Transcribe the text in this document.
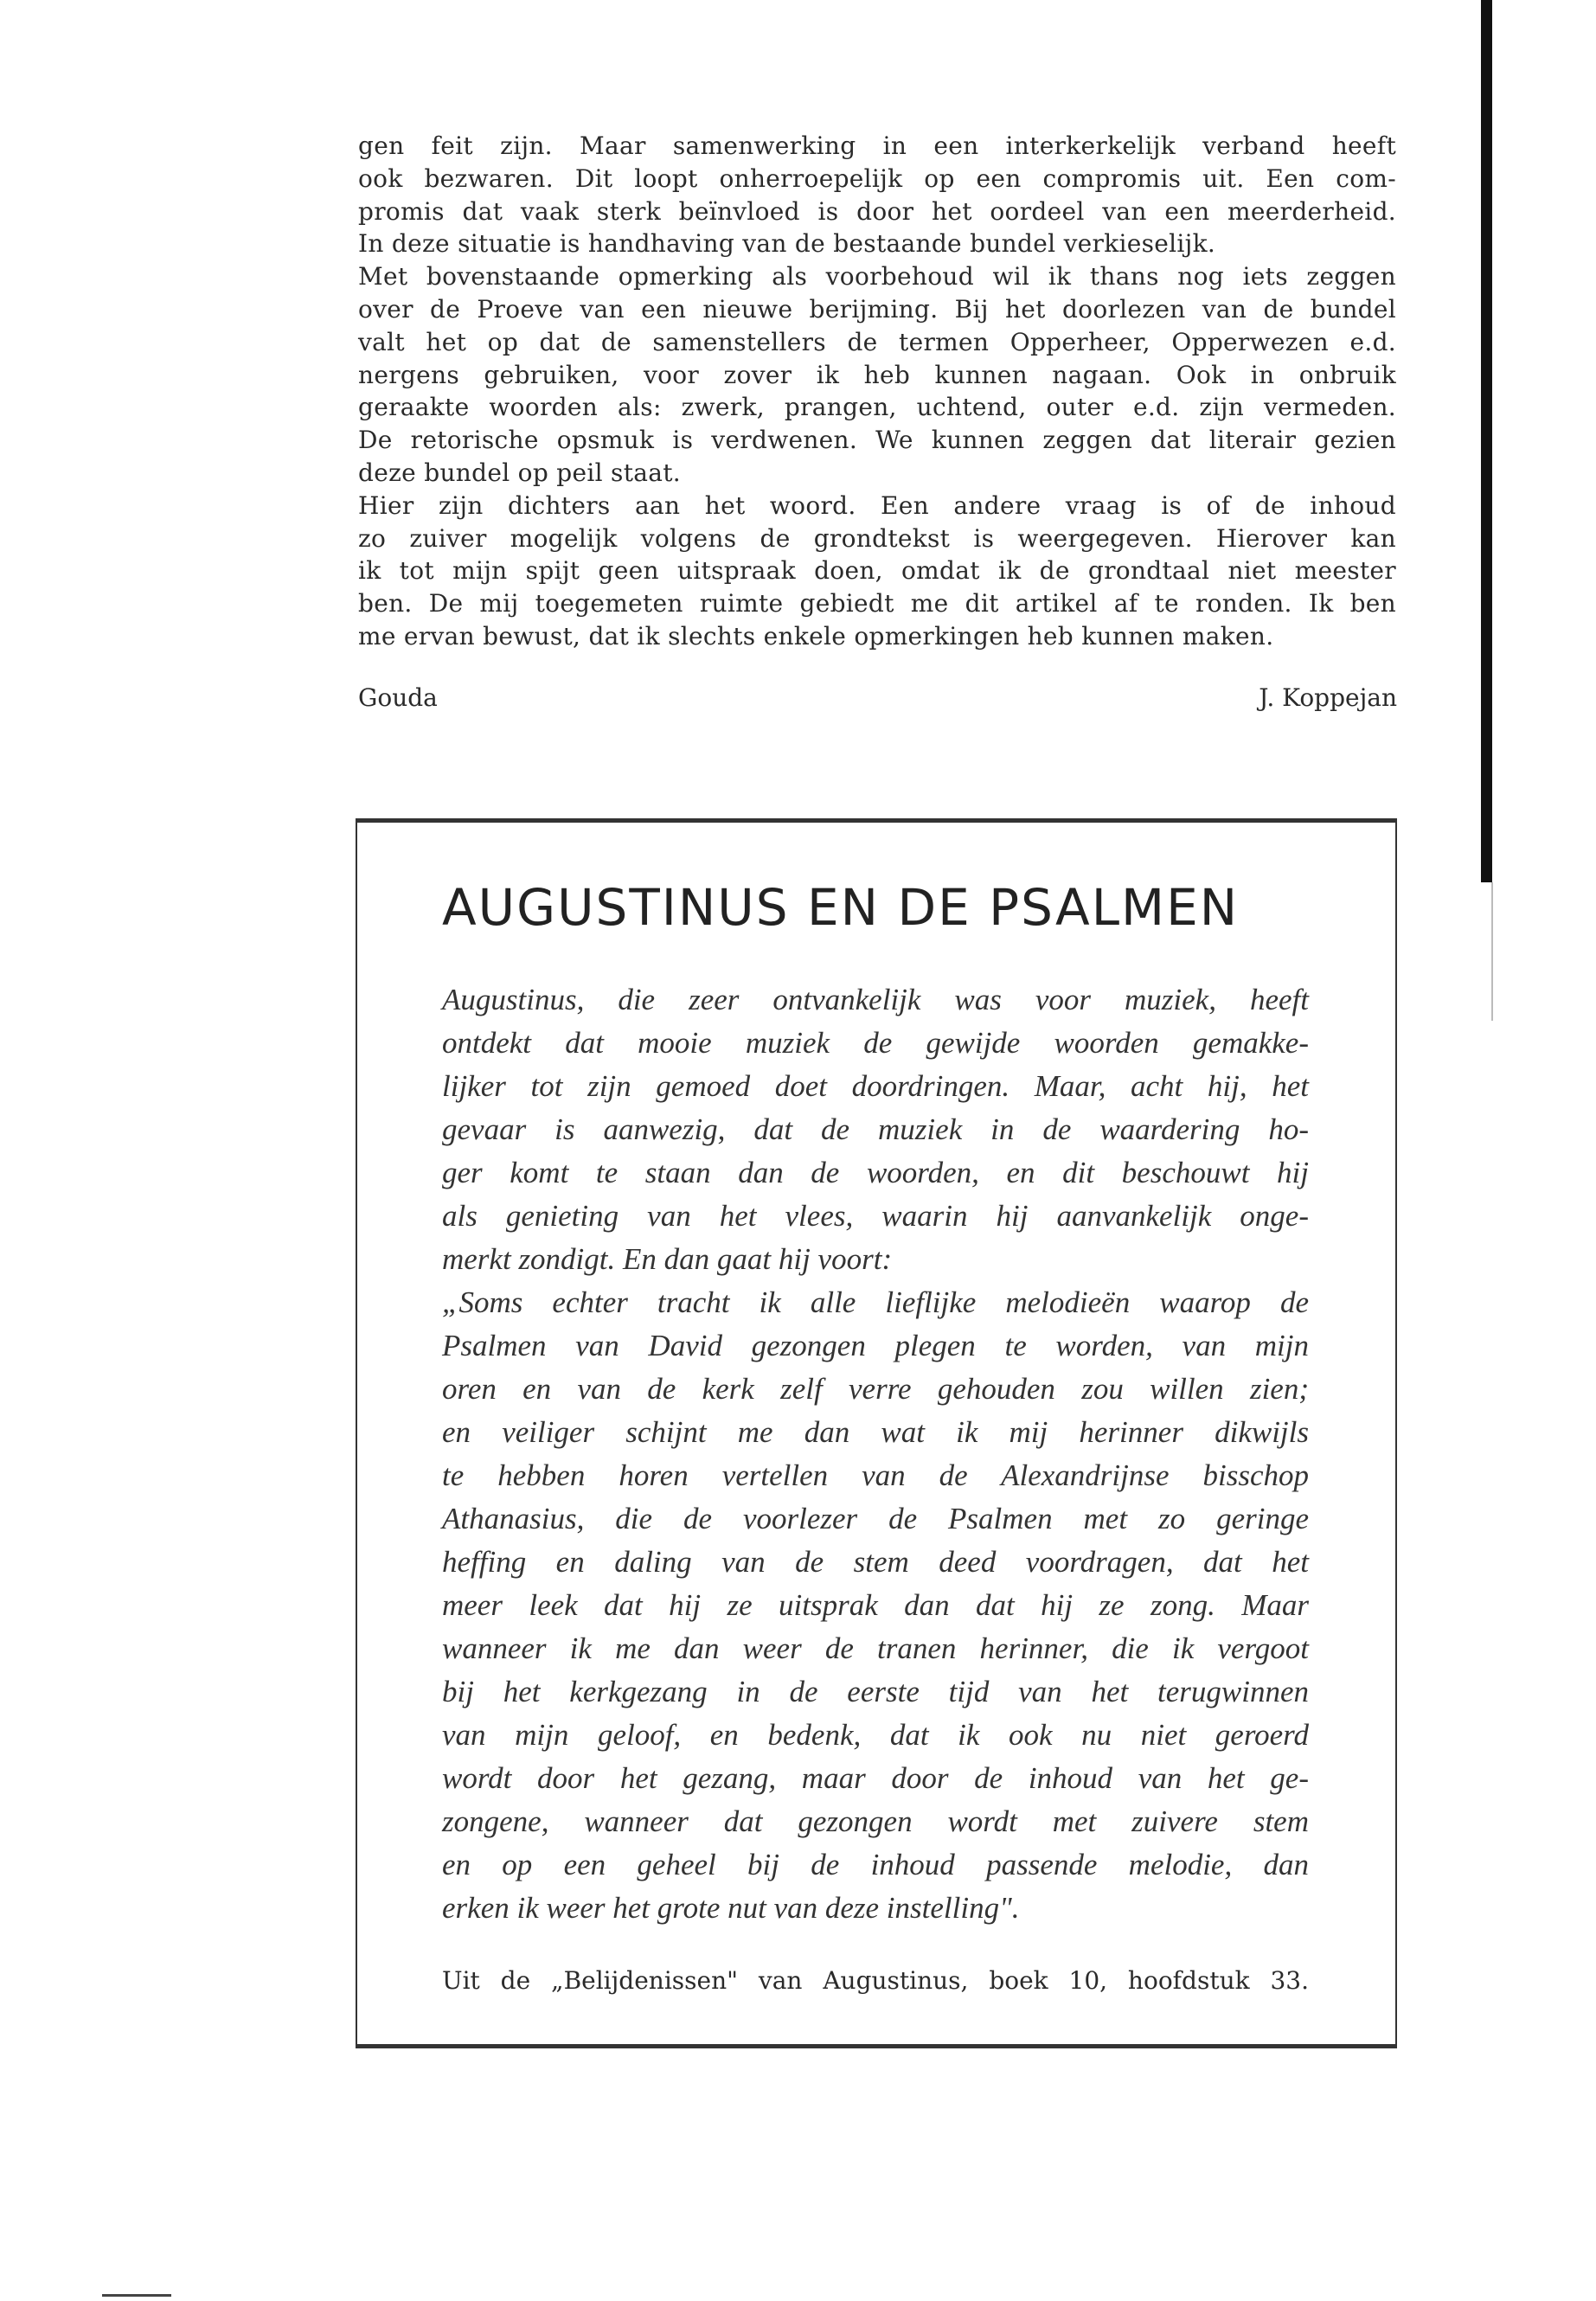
gen feit zijn. Maar samenwerking in een interkerkelijk verband heeft
ook bezwaren. Dit loopt onherroepelijk op een compromis uit. Een com-
promis dat vaak sterk beïnvloed is door het oordeel van een meerderheid.
In deze situatie is handhaving van de bestaande bundel verkieselijk.
Met bovenstaande opmerking als voorbehoud wil ik thans nog iets zeggen
over de Proeve van een nieuwe berijming. Bij het doorlezen van de bundel
valt het op dat de samenstellers de termen Opperheer, Opperwezen e.d.
nergens gebruiken, voor zover ik heb kunnen nagaan. Ook in onbruik
geraakte woorden als: zwerk, prangen, uchtend, outer e.d. zijn vermeden.
De retorische opsmuk is verdwenen. We kunnen zeggen dat literair gezien
deze bundel op peil staat.
Hier zijn dichters aan het woord. Een andere vraag is of de inhoud
zo zuiver mogelijk volgens de grondtekst is weergegeven. Hierover kan
ik tot mijn spijt geen uitspraak doen, omdat ik de grondtaal niet meester
ben. De mij toegemeten ruimte gebiedt me dit artikel af te ronden. Ik ben
me ervan bewust, dat ik slechts enkele opmerkingen heb kunnen maken.
Gouda	J. Koppejan
AUGUSTINUS EN DE PSALMEN
Augustinus, die zeer ontvankelijk was voor muziek, heeft
ontdekt dat mooie muziek de gewijde woorden gemakke-
lijker tot zijn gemoed doet doordringen. Maar, acht hij, het
gevaar is aanwezig, dat de muziek in de waardering ho-
ger komt te staan dan de woorden, en dit beschouwt hij
als genieting van het vlees, waarin hij aanvankelijk onge-
merkt zondigt. En dan gaat hij voort:
„Soms echter tracht ik alle lieflijke melodieën waarop de
Psalmen van David gezongen plegen te worden, van mijn
oren en van de kerk zelf verre gehouden zou willen zien;
en veiliger schijnt me dan wat ik mij herinner dikwijls
te hebben horen vertellen van de Alexandrijnse bisschop
Athanasius, die de voorlezer de Psalmen met zo geringe
heffing en daling van de stem deed voordragen, dat het
meer leek dat hij ze uitsprak dan dat hij ze zong. Maar
wanneer ik me dan weer de tranen herinner, die ik vergoot
bij het kerkgezang in de eerste tijd van het terugwinnen
van mijn geloof, en bedenk, dat ik ook nu niet geroerd
wordt door het gezang, maar door de inhoud van het ge-
zongene, wanneer dat gezongen wordt met zuivere stem
en op een geheel bij de inhoud passende melodie, dan
erken ik weer het grote nut van deze instelling".
Uit de „Belijdenissen" van Augustinus, boek 10, hoofdstuk 33.
